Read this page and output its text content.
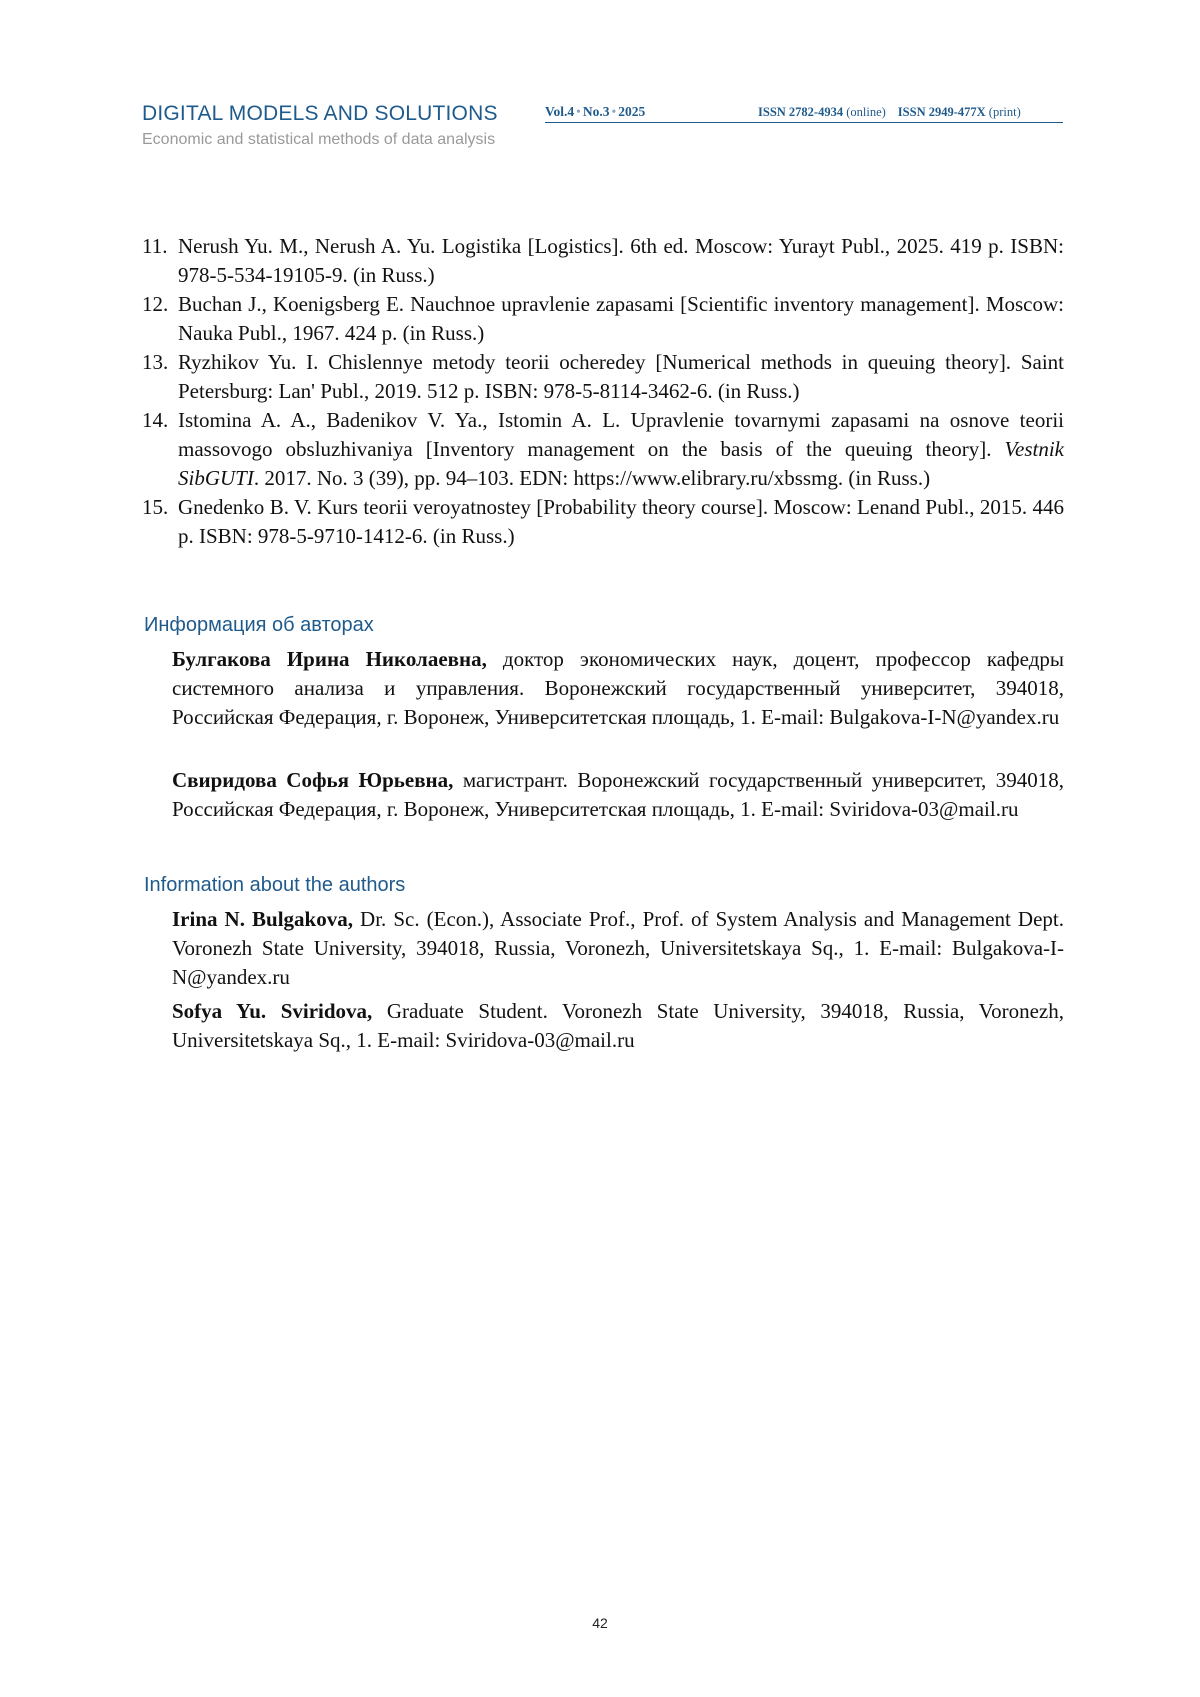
DIGITAL MODELS AND SOLUTIONS	Vol.4 • No.3 • 2025	ISSN 2782-4934 (online) ISSN 2949-477X (print)
Economic and statistical methods of data analysis
11. Nerush Yu. M., Nerush A. Yu. Logistika [Logistics]. 6th ed. Moscow: Yurayt Publ., 2025. 419 p. ISBN: 978-5-534-19105-9. (in Russ.)
12. Buchan J., Koenigsberg E. Nauchnoe upravlenie zapasami [Scientific inventory management]. Moscow: Nauka Publ., 1967. 424 p. (in Russ.)
13. Ryzhikov Yu. I. Chislennye metody teorii ocheredey [Numerical methods in queuing theory]. Saint Petersburg: Lan' Publ., 2019. 512 p. ISBN: 978-5-8114-3462-6. (in Russ.)
14. Istomina A. A., Badenikov V. Ya., Istomin A. L. Upravlenie tovarnymi zapasami na osnove teorii massovogo obsluzhivaniya [Inventory management on the basis of the queuing theory]. Vestnik SibGUTI. 2017. No. 3 (39), pp. 94–103. EDN: https://www.elibrary.ru/xbssmg. (in Russ.)
15. Gnedenko B. V. Kurs teorii veroyatnostey [Probability theory course]. Moscow: Lenand Publ., 2015. 446 p. ISBN: 978-5-9710-1412-6. (in Russ.)
Информация об авторах

Булгакова Ирина Николаевна, доктор экономических наук, доцент, профессор кафедры системного анализа и управления. Воронежский государственный университет, 394018, Российская Федерация, г. Воронеж, Университетская площадь, 1. E-mail: Bulgakova-I-N@yandex.ru

Свиридова Софья Юрьевна, магистрант. Воронежский государственный университет, 394018, Российская Федерация, г. Воронеж, Университетская площадь, 1. E-mail: Sviridova-03@mail.ru

Information about the authors

Irina N. Bulgakova, Dr. Sc. (Econ.), Associate Prof., Prof. of System Analysis and Management Dept. Voronezh State University, 394018, Russia, Voronezh, Universitetskaya Sq., 1. E-mail: Bulgakova-I-N@yandex.ru

Sofya Yu. Sviridova, Graduate Student. Voronezh State University, 394018, Russia, Voronezh, Universitetskaya Sq., 1. E-mail: Sviridova-03@mail.ru

42
